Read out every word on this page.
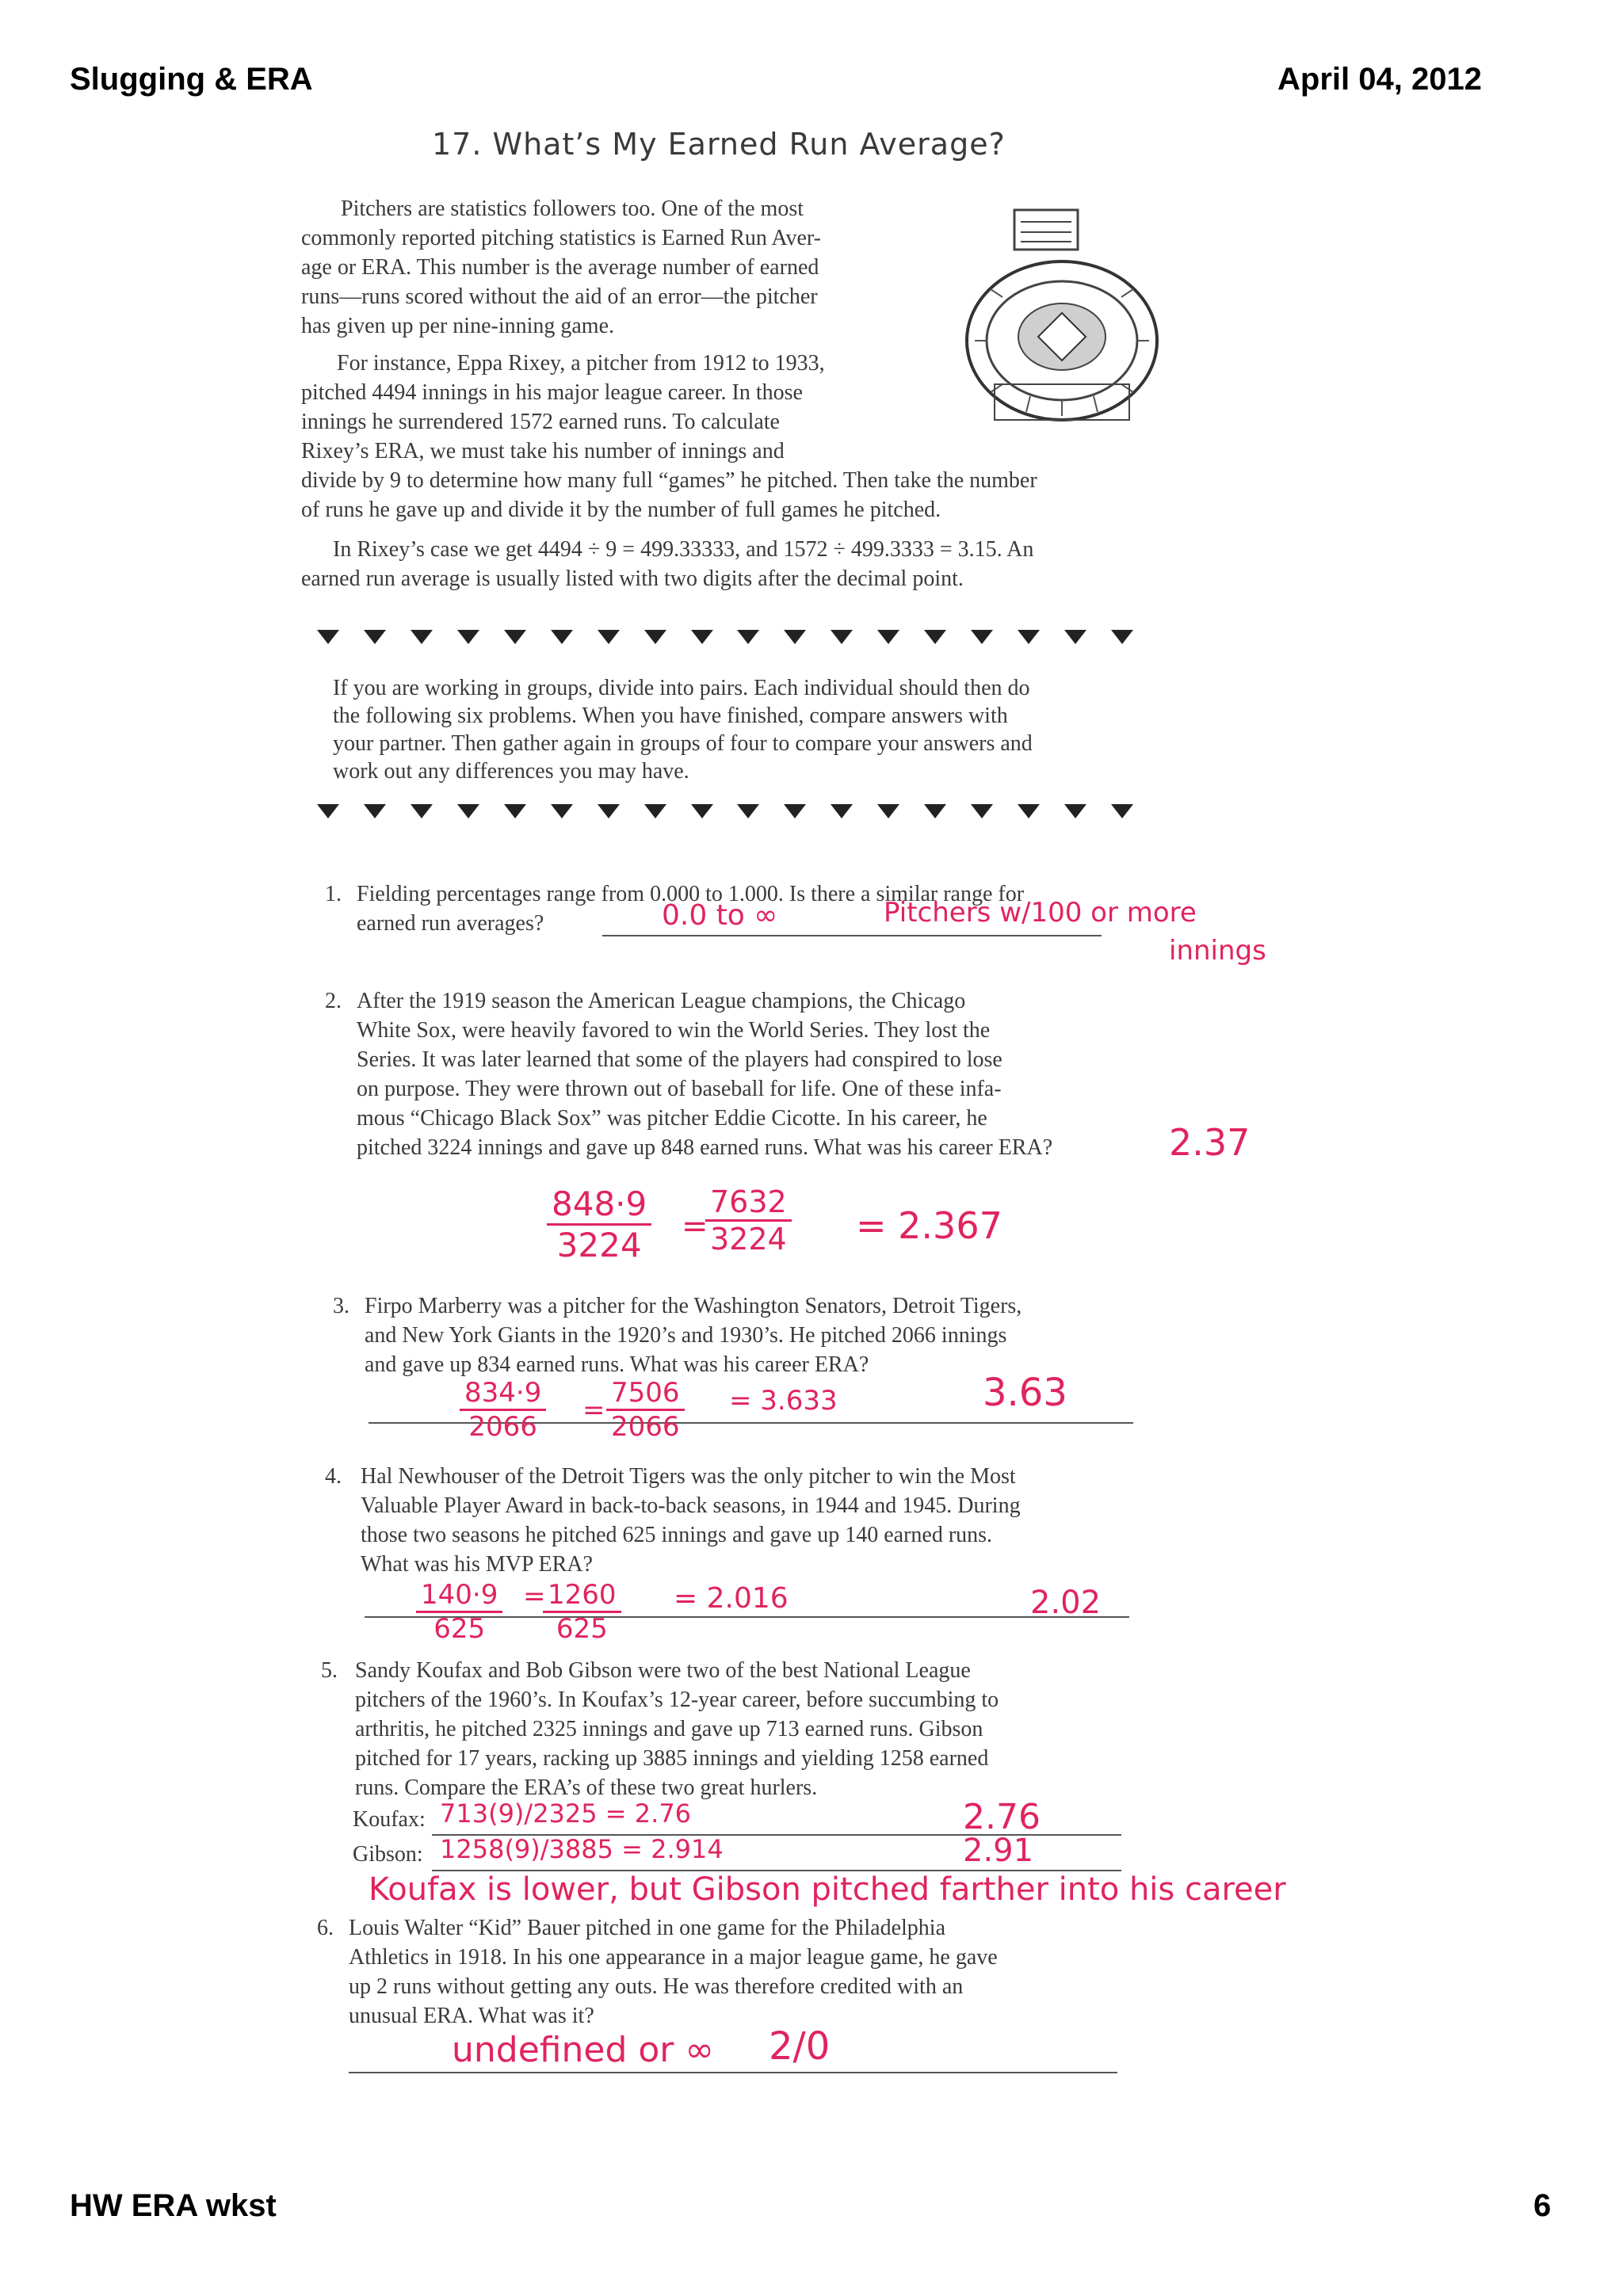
Slugging & ERA	April 04, 2012
17. What’s My Earned Run Average?
Pitchers are statistics followers too. One of the most
commonly reported pitching statistics is Earned Run Aver-
age or ERA. This number is the average number of earned
runs—runs scored without the aid of an error—the pitcher
has given up per nine-inning game.
For instance, Eppa Rixey, a pitcher from 1912 to 1933,
pitched 4494 innings in his major league career. In those
innings he surrendered 1572 earned runs. To calculate
Rixey’s ERA, we must take his number of innings and
divide by 9 to determine how many full “games” he pitched. Then take the number
of runs he gave up and divide it by the number of full games he pitched.
In Rixey’s case we get 4494 ÷ 9 = 499.33333, and 1572 ÷ 499.3333 = 3.15. An
earned run average is usually listed with two digits after the decimal point.
If you are working in groups, divide into pairs. Each individual should then do
the following six problems. When you have finished, compare answers with
your partner. Then gather again in groups of four to compare your answers and
work out any differences you may have.
1. Fielding percentages range from 0.000 to 1.000. Is there a similar range for
earned run averages?	0.0 to ∞	Pitchers w/100 or more
innings
2. After the 1919 season the American League champions, the Chicago
White Sox, were heavily favored to win the World Series. They lost the
Series. It was later learned that some of the players had conspired to lose
on purpose. They were thrown out of baseball for life. One of these infa-
mous “Chicago Black Sox” was pitcher Eddie Cicotte. In his career, he
pitched 3224 innings and gave up 848 earned runs. What was his career ERA?	2.37
$\frac{848\cdot 9}{3224}$ =
$\frac{7632}{3224} = 2.367$
3. Firpo Marberry was a pitcher for the Washington Senators, Detroit Tigers,
and New York Giants in the 1920’s and 1930’s. He pitched 2066 innings
and gave up 834 earned runs. What was his career ERA?
$\frac{834\cdot 9}{2066} = \frac{7506}{2066} = 3.633$	3.63
4. Hal Newhouser of the Detroit Tigers was the only pitcher to win the Most
Valuable Player Award in back-to-back seasons, in 1944 and 1945. During
those two seasons he pitched 625 innings and gave up 140 earned runs.
What was his MVP ERA?
$\frac{140\cdot 9}{625}$ =
$\frac{1260}{625} = 2.016$	2.02
5. Sandy Koufax and Bob Gibson were two of the best National League
pitchers of the 1960’s. In Koufax’s 12-year career, before succumbing to
arthritis, he pitched 2325 innings and gave up 713 earned runs. Gibson
pitched for 17 years, racking up 3885 innings and yielding 1258 earned
runs. Compare the ERA’s of these two great hurlers.
Koufax: 713(9)/2325 = 2.76	2.76
Gibson: 1258(9)/3885 = 2.914	2.91
Koufax is lower, but Gibson pitched farther into his career
6. Louis Walter “Kid” Bauer pitched in one game for the Philadelphia
Athletics in 1918. In his one appearance in a major league game, he gave
up 2 runs without getting any outs. He was therefore credited with an
unusual ERA. What was it?
undefined or ∞ 2/0
HW ERA wkst	6
